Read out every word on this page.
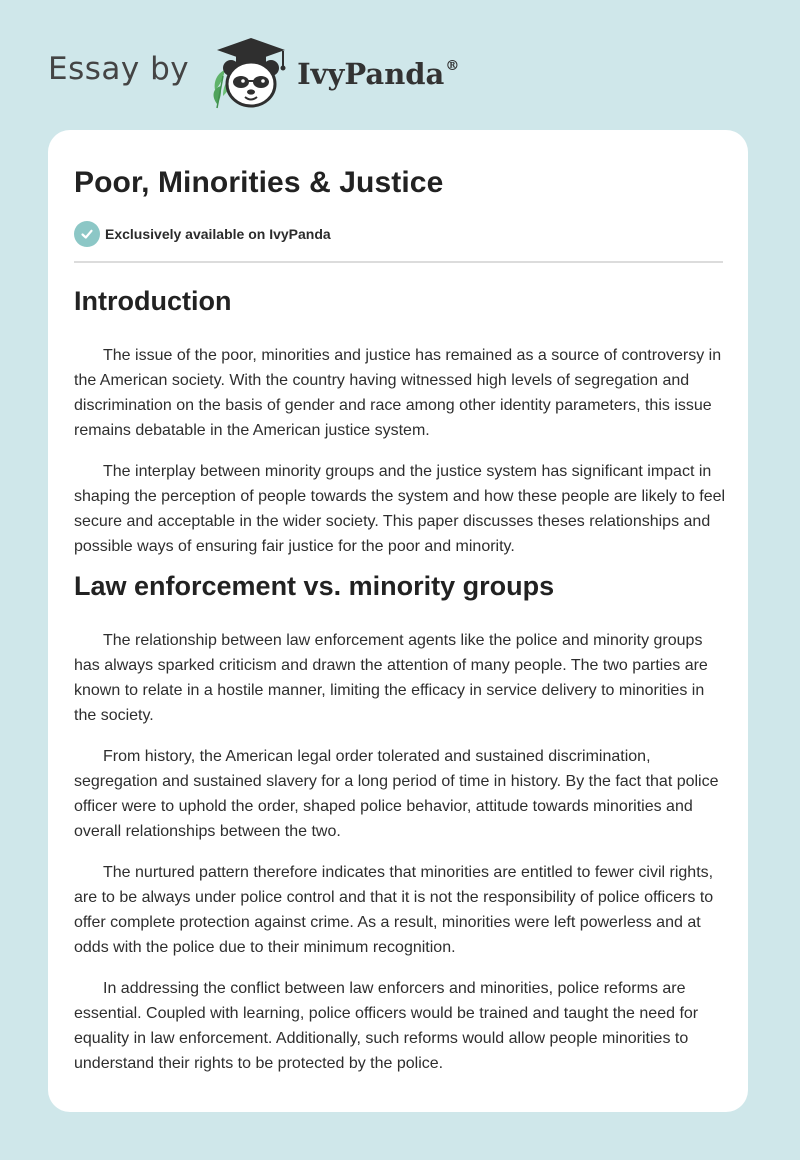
Essay by	IvyPanda®
Poor, Minorities & Justice
Exclusively available on IvyPanda
Introduction

The issue of the poor, minorities and justice has remained as a source of controversy in the American society. With the country having witnessed high levels of segregation and discrimination on the basis of gender and race among other identity parameters, this issue remains debatable in the American justice system.

The interplay between minority groups and the justice system has significant impact in shaping the perception of people towards the system and how these people are likely to feel secure and acceptable in the wider society. This paper discusses theses relationships and possible ways of ensuring fair justice for the poor and minority.

Law enforcement vs. minority groups

The relationship between law enforcement agents like the police and minority groups has always sparked criticism and drawn the attention of many people. The two parties are known to relate in a hostile manner, limiting the efficacy in service delivery to minorities in the society.

From history, the American legal order tolerated and sustained discrimination, segregation and sustained slavery for a long period of time in history. By the fact that police officer were to uphold the order, shaped police behavior, attitude towards minorities and overall relationships between the two.

The nurtured pattern therefore indicates that minorities are entitled to fewer civil rights, are to be always under police control and that it is not the responsibility of police officers to offer complete protection against crime. As a result, minorities were left powerless and at odds with the police due to their minimum recognition.

In addressing the conflict between law enforcers and minorities, police reforms are essential. Coupled with learning, police officers would be trained and taught the need for equality in law enforcement. Additionally, such reforms would allow people minorities to understand their rights to be protected by the police.
